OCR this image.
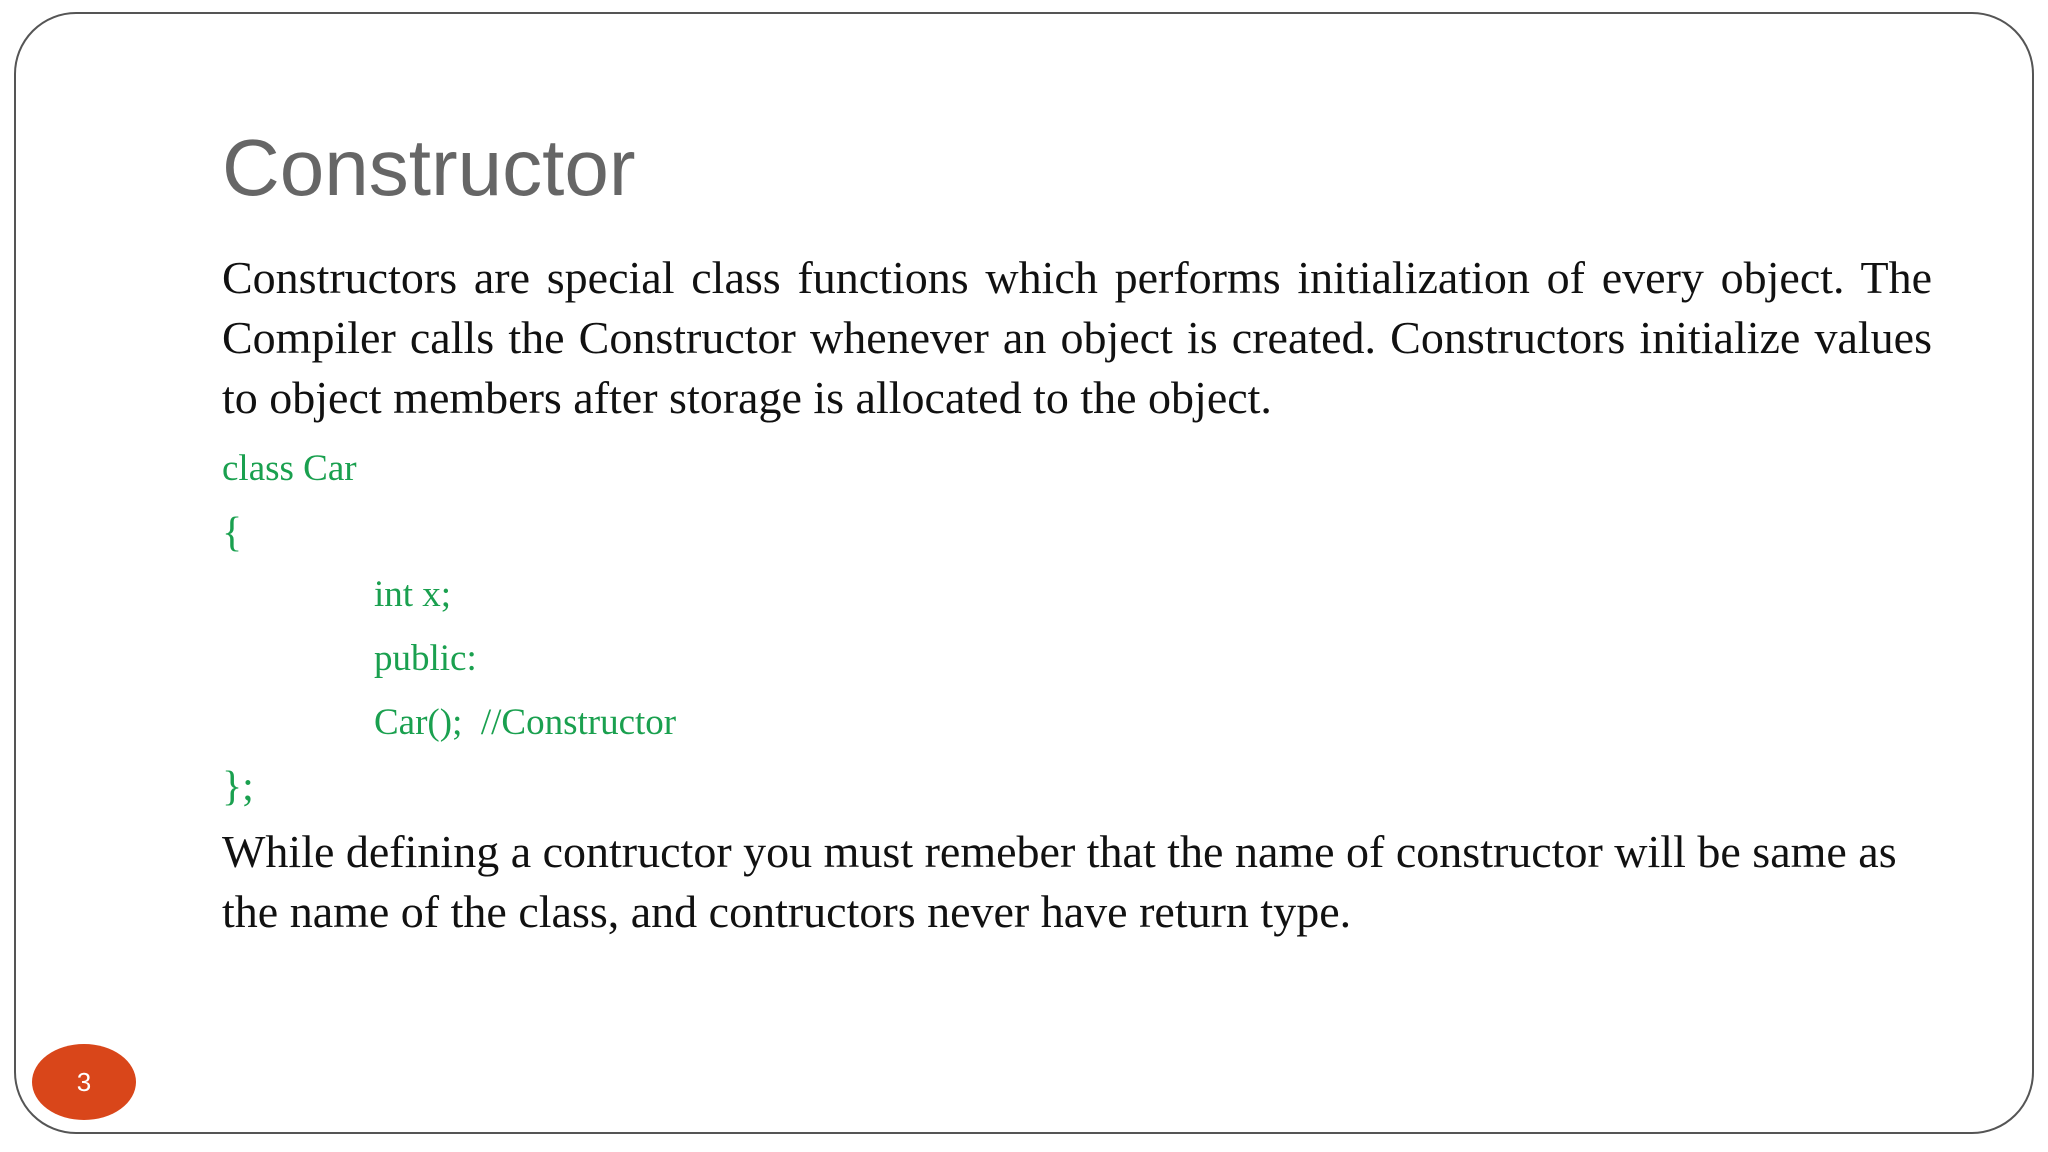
Constructor
Constructors are special class functions which performs initialization of every object. The Compiler calls the Constructor whenever an object is created. Constructors initialize values to object members after storage is allocated to the object.
class Car
{
int x;
public:
Car();  //Constructor
};
While defining a contructor you must remeber that the name of constructor will be same as the name of the class, and contructors never have return type.
3
